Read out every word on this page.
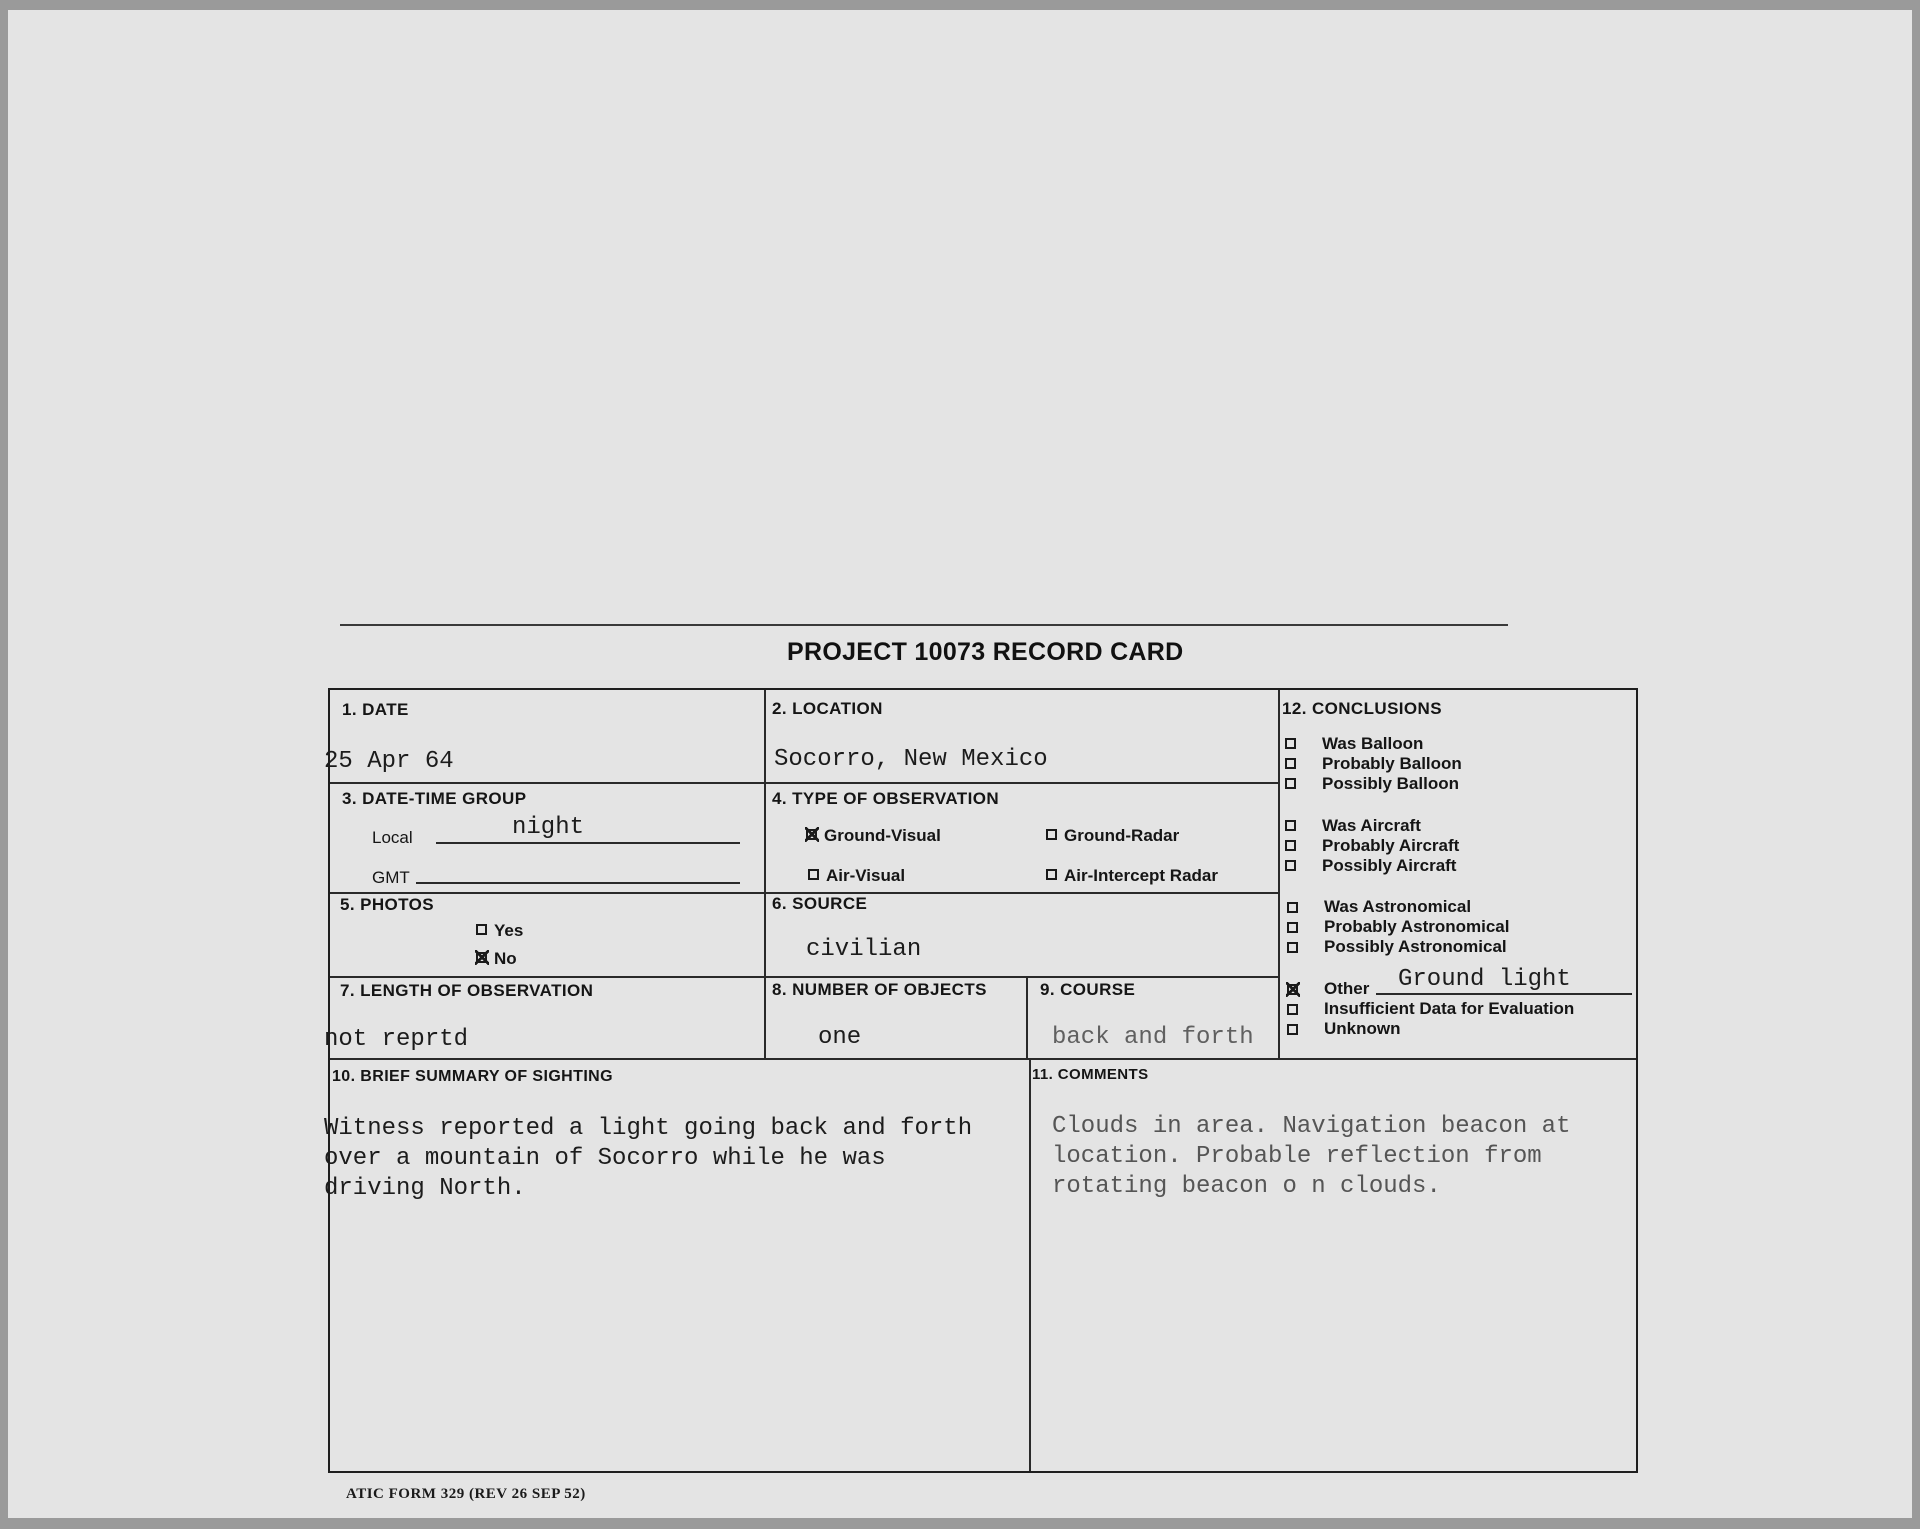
PROJECT 10073 RECORD CARD
1. DATE
25 Apr 64
2. LOCATION
Socorro, New Mexico
3. DATE-TIME GROUP
Local	night
GMT
4. TYPE OF OBSERVATION
Ground-Visual	Ground-Radar
Air-Visual	Air-Intercept Radar
5. PHOTOS
Yes
No
6. SOURCE
civilian
7. LENGTH OF OBSERVATION
not reprtd
8. NUMBER OF OBJECTS
one
9. COURSE
back and forth
10. BRIEF SUMMARY OF SIGHTING
Witness reported a light going back and forth
over a mountain of Socorro while he was
driving North.
11. COMMENTS
Clouds in area. Navigation beacon at
location. Probable reflection from
rotating beacon o n clouds.
12. CONCLUSIONS
Was Balloon
Probably Balloon
Possibly Balloon
Was Aircraft
Probably Aircraft
Possibly Aircraft
Was Astronomical
Probably Astronomical
Possibly Astronomical
Other Ground light
Insufficient Data for Evaluation
Unknown
ATIC FORM 329 (REV 26 SEP 52)
